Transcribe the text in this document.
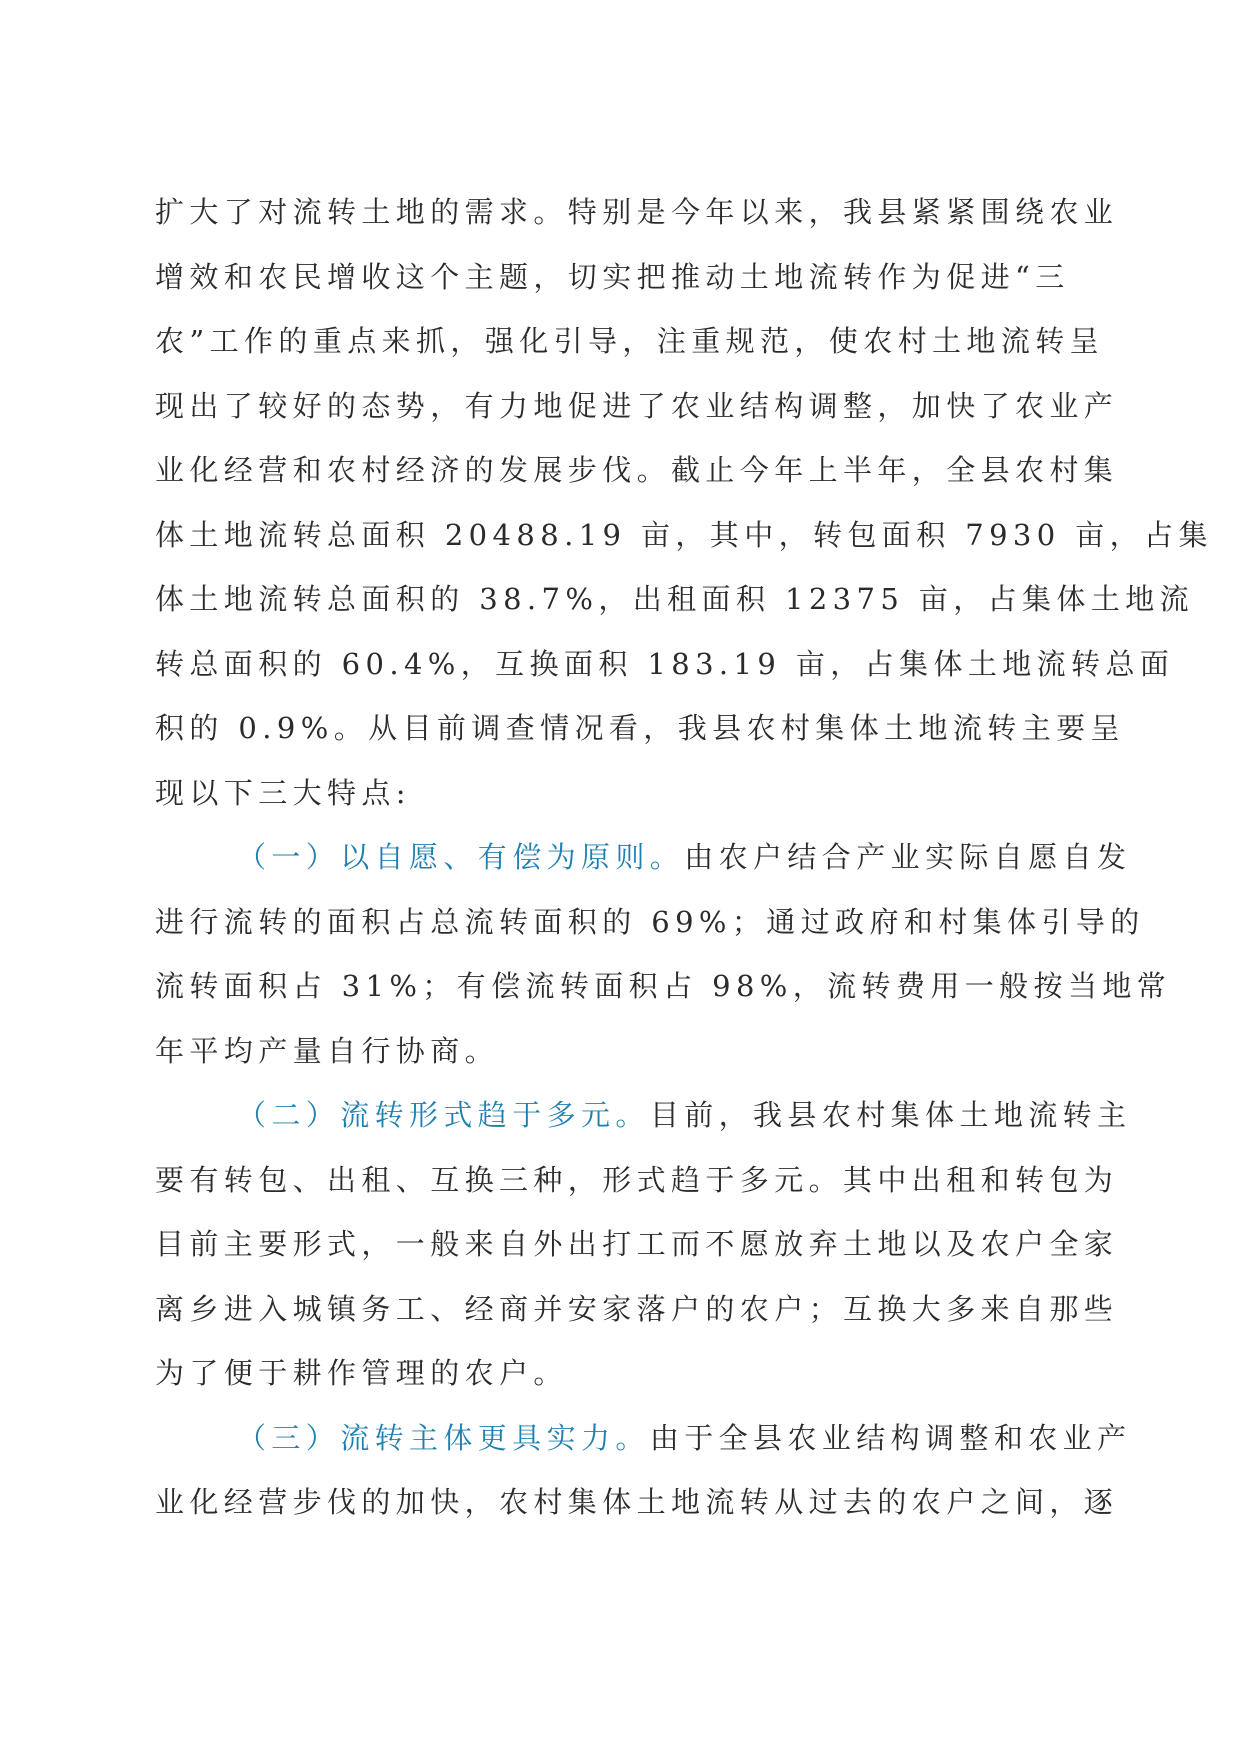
扩大了对流转土地的需求。特别是今年以来，我县紧紧围绕农业
增效和农民增收这个主题，切实把推动土地流转作为促进“三
农”工作的重点来抓，强化引导，注重规范，使农村土地流转呈
现出了较好的态势，有力地促进了农业结构调整，加快了农业产
业化经营和农村经济的发展步伐。截止今年上半年，全县农村集
体土地流转总面积 20488.19 亩，其中，转包面积 7930 亩，占集
体土地流转总面积的 38.7%，出租面积 12375 亩，占集体土地流
转总面积的 60.4%，互换面积 183.19 亩，占集体土地流转总面
积的 0.9%。从目前调查情况看，我县农村集体土地流转主要呈
现以下三大特点:
（一）以自愿、有偿为原则。由农户结合产业实际自愿自发
进行流转的面积占总流转面积的 69%；通过政府和村集体引导的
流转面积占 31%；有偿流转面积占 98%，流转费用一般按当地常
年平均产量自行协商。
（二）流转形式趋于多元。目前，我县农村集体土地流转主
要有转包、出租、互换三种，形式趋于多元。其中出租和转包为
目前主要形式，一般来自外出打工而不愿放弃土地以及农户全家
离乡进入城镇务工、经商并安家落户的农户；互换大多来自那些
为了便于耕作管理的农户。
（三）流转主体更具实力。由于全县农业结构调整和农业产
业化经营步伐的加快，农村集体土地流转从过去的农户之间，逐
